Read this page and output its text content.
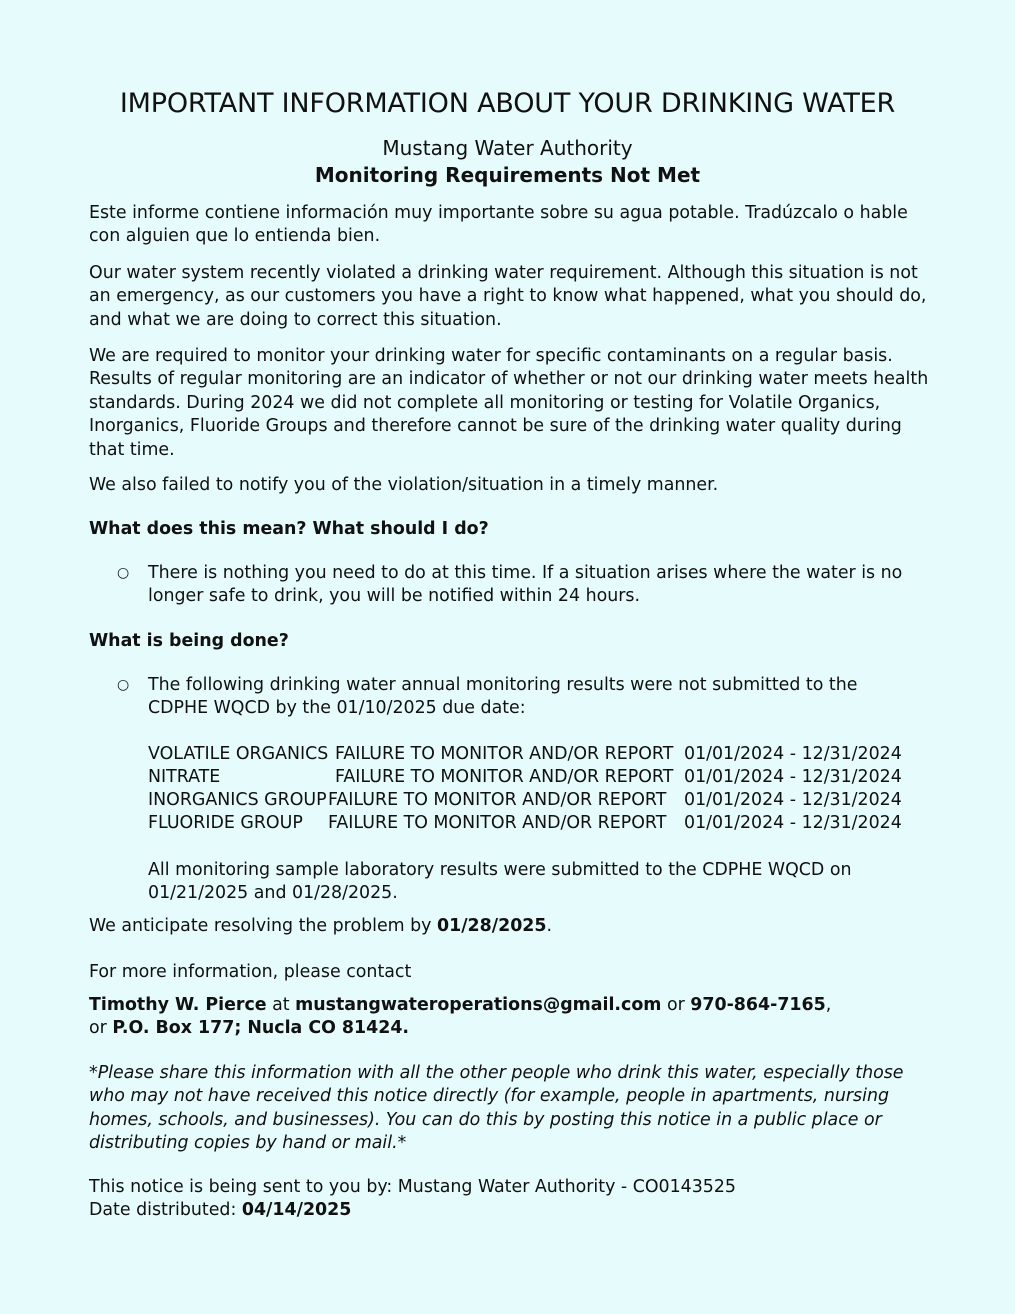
IMPORTANT INFORMATION ABOUT YOUR DRINKING WATER
Mustang Water Authority
Monitoring Requirements Not Met

Este informe contiene información muy importante sobre su agua potable. Tradúzcalo o hable con alguien que lo entienda bien.

Our water system recently violated a drinking water requirement. Although this situation is not an emergency, as our customers you have a right to know what happened, what you should do, and what we are doing to correct this situation.

We are required to monitor your drinking water for specific contaminants on a regular basis. Results of regular monitoring are an indicator of whether or not our drinking water meets health standards. During 2024 we did not complete all monitoring or testing for Volatile Organics, Inorganics, Fluoride Groups and therefore cannot be sure of the drinking water quality during that time.

We also failed to notify you of the violation/situation in a timely manner.

What does this mean? What should I do?
○ There is nothing you need to do at this time. If a situation arises where the water is no longer safe to drink, you will be notified within 24 hours.
What is being done?
○ The following drinking water annual monitoring results were not submitted to the CDPHE WQCD by the 01/10/2025 due date:
VOLATILE ORGANICS FAILURE TO MONITOR AND/OR REPORT 01/01/2024 - 12/31/2024
NITRATE	FAILURE TO MONITOR AND/OR REPORT 01/01/2024 - 12/31/2024
INORGANICS GROUP FAILURE TO MONITOR AND/OR REPORT 01/01/2024 - 12/31/2024
FLUORIDE GROUP FAILURE TO MONITOR AND/OR REPORT 01/01/2024 - 12/31/2024
All monitoring sample laboratory results were submitted to the CDPHE WQCD on 01/21/2025 and 01/28/2025.
We anticipate resolving the problem by 01/28/2025.
For more information, please contact
Timothy W. Pierce at mustangwateroperations@gmail.com or 970-864-7165,
or P.O. Box 177; Nucla CO 81424.
*Please share this information with all the other people who drink this water, especially those who may not have received this notice directly (for example, people in apartments, nursing homes, schools, and businesses). You can do this by posting this notice in a public place or distributing copies by hand or mail.*
This notice is being sent to you by: Mustang Water Authority - CO0143525
Date distributed: 04/14/2025
